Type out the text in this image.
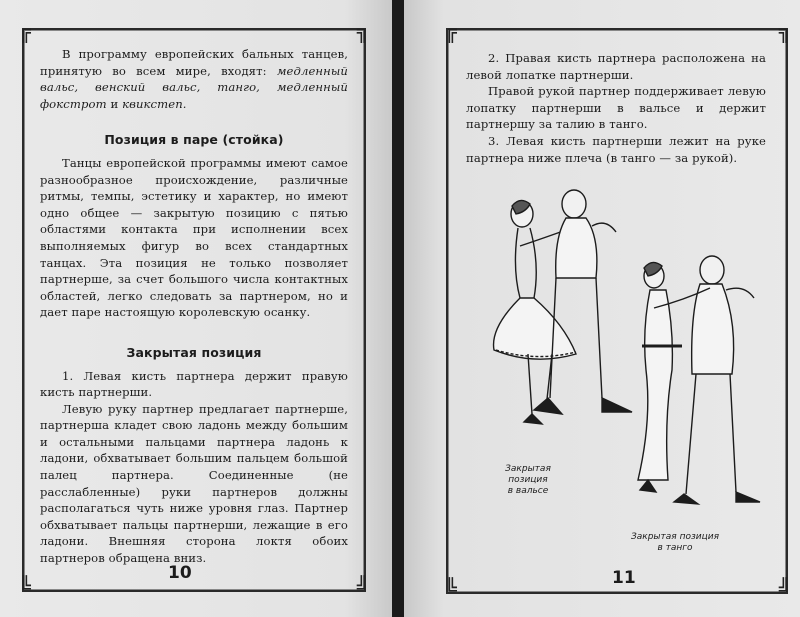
╔	╗
╚	╝

В программу европейских бальных танцев, принятую во всем мире, входят: медленный вальс, венский вальс, танго, медленный фокстрот и квикстеп.

Позиция в паре (стойка)

Танцы европейской программы имеют самое разнообразное происхождение, различные ритмы, темпы, эстетику и характер, но имеют одно общее — закрытую позицию с пятью областями контакта при исполнении всех выполняемых фигур во всех стандартных танцах. Эта позиция не только позволяет партнерше, за счет большого числа контактных областей, легко следовать за партнером, но и дает паре настоящую королевскую осанку.

Закрытая позиция

1. Левая кисть партнера держит правую кисть партнерши.

Левую руку партнер предлагает партнерше, партнерша кладет свою ладонь между большим и остальными пальцами партнера ладонь к ладони, обхватывает большим пальцем большой палец партнера. Соединенные (не расслабленные) руки партнеров должны располагаться чуть ниже уровня глаз. Партнер обхватывает пальцы партнерши, лежащие в его ладони. Внешняя сторона локтя обоих партнеров обращена вниз.

10
╔	╗
╚	╝

2. Правая кисть партнера расположена на левой лопатке партнерши.

Правой рукой партнер поддерживает левую лопатку партнерши в вальсе и держит партнершу за талию в танго.

3. Левая кисть партнерши лежит на руке партнера ниже плеча (в танго — за рукой).

Закрытая позиция
в вальсе
Закрытая позиция
в танго
11
